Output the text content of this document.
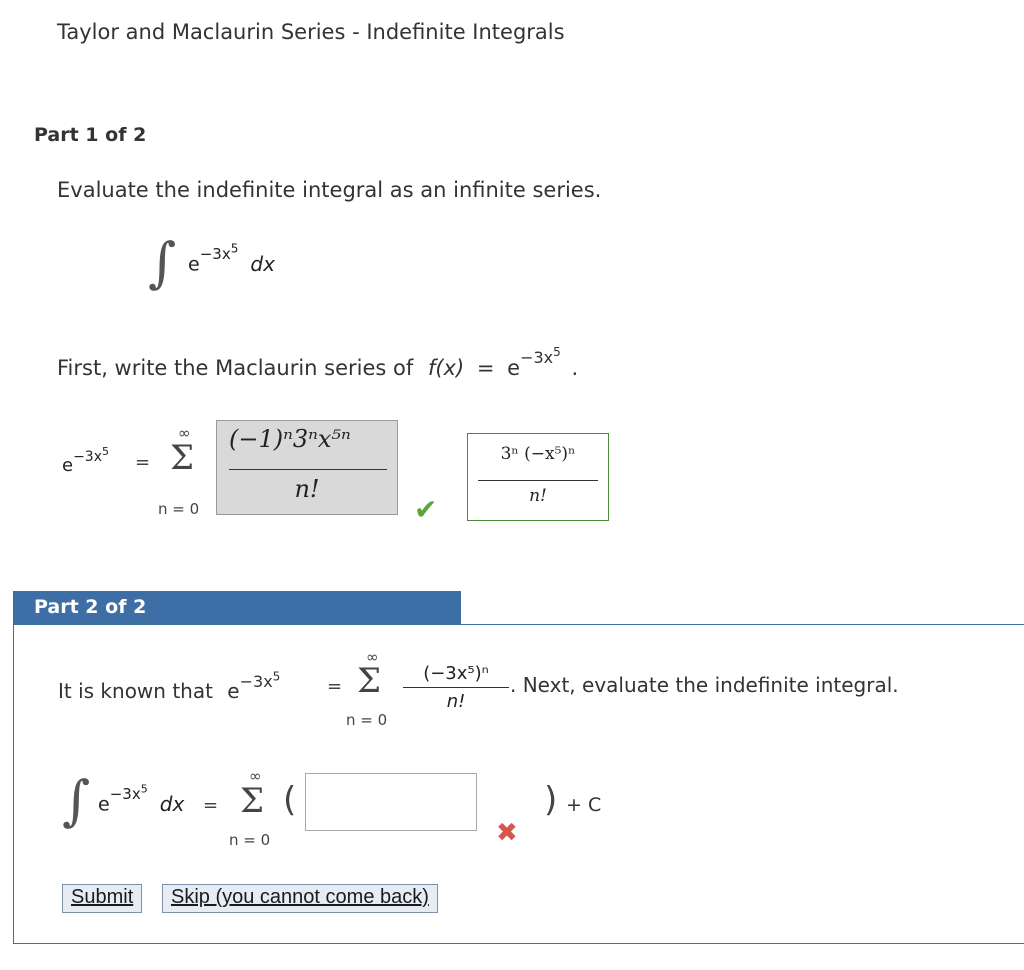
Taylor and Maclaurin Series - Indefinite Integrals
Part 1 of 2
Evaluate the indefinite integral as an infinite series.
∫ $e^{-3x^5}$ dx
First, write the Maclaurin series of $f(x) = e^{-3x^5}$ .
$e^{-3x^5}$
=
∞
Σ
n = 0
(−1)ⁿ3ⁿx⁵ⁿ
n!
✔
3ⁿ (−x⁵)ⁿ
n!
Part 2 of 2
It is known that $e^{-3x^5}$	=
∞
Σ
n = 0
(−3x⁵)ⁿ
n!
. Next, evaluate the indefinite integral.
∫ $e^{-3x^5}$ dx =
∞
Σ
n = 0
(
✖
) + C
Submit	Skip (you cannot come back)
